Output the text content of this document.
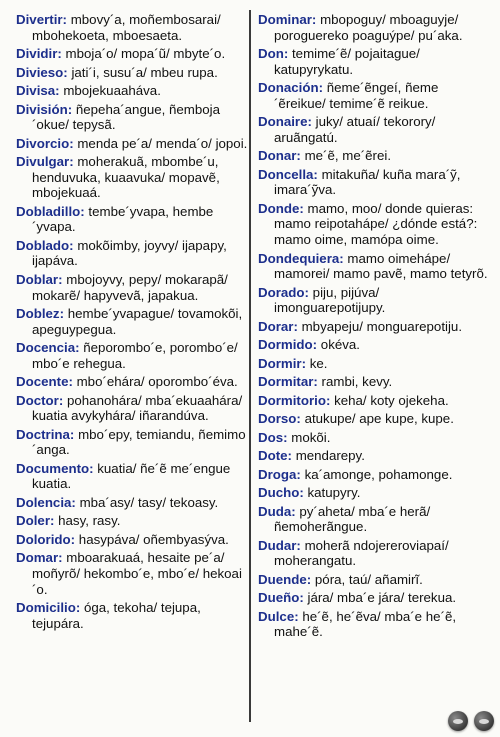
Divertir: mbovy´a, moñembosarai/ mbohekoeta, mboesaeta.

Dividir: mboja´o/ mopa´ũ/ mbyte´o.

Divieso: jati´i, susu´a/ mbeu rupa.

Divisa: mbojekuaaháva.

División: ñepeha´angue, ñemboja´okue/ tepysã.

Divorcio: menda pe´a/ menda´o/ jopoi.

Divulgar: moherakuã, mbombe´u, henduvuka, kuaavuka/ mopavẽ, mbojekuaá.

Dobladillo: tembe´yvapa, hembe´yvapa.

Doblado: mokõimby, joyvy/ ijapapy, ijapáva.

Doblar: mbojoyvy, pepy/ mokarapã/ mokarẽ/ hapyvevã, japakua.

Doblez: hembe´yvapague/ tovamokõi, apeguypegua.

Docencia: ñeporombo´e, porombo´e/ mbo´e rehegua.

Docente: mbo´ehára/ oporombo´éva.

Doctor: pohanohára/ mba´ekuaahára/ kuatia avykyhára/ iñarandúva.

Doctrina: mbo´epy, temiandu, ñemimo´anga.

Documento: kuatia/ ñe´ẽ me´engue kuatia.

Dolencia: mba´asy/ tasy/ tekoasy.

Doler: hasy, rasy.

Dolorido: hasypáva/ oñembyasýva.

Domar: mboarakuaá, hesaite pe´a/ moñyrõ/ hekombo´e, mbo´e/ hekoai´o.

Domicilio: óga, tekoha/ tejupa, tejupára.

Dominar: mbopoguy/ mboaguyje/ poroguereko poaguýpe/ pu´aka.

Don: temime´ẽ/ pojaitague/ katupyrykatu.

Donación: ñeme´ẽngeí, ñeme´ẽreikue/ temime´ẽ reikue.

Donaire: juky/ atuaí/ tekorory/ aruãngatú.

Donar: me´ẽ, me´ẽrei.

Doncella: mitakuña/ kuña mara´ỹ, imara´ỹva.

Donde: mamo, moo/ donde quieras: mamo reipotahápe/ ¿dónde está?: mamo oime, mamópa oime.

Dondequiera: mamo oimehápe/ mamorei/ mamo pavẽ, mamo tetyrõ.

Dorado: piju, pijúva/ imonguarepotijupy.

Dorar: mbyapeju/ monguarepotiju.

Dormido: okéva.

Dormir: ke.

Dormitar: rambi, kevy.

Dormitorio: keha/ koty ojekeha.

Dorso: atukupe/ ape kupe, kupe.

Dos: mokõi.

Dote: mendarepy.

Droga: ka´amonge, pohamonge.

Ducho: katupyry.

Duda: py´aheta/ mba´e herã/ ñemoherãngue.

Dudar: moherã ndojereroviapaí/ moherangatu.

Duende: póra, taú/ añamirĩ.

Dueño: jára/ mba´e jára/ terekua.

Dulce: he´ẽ, he´ẽva/ mba´e he´ẽ, mahe´ẽ.
